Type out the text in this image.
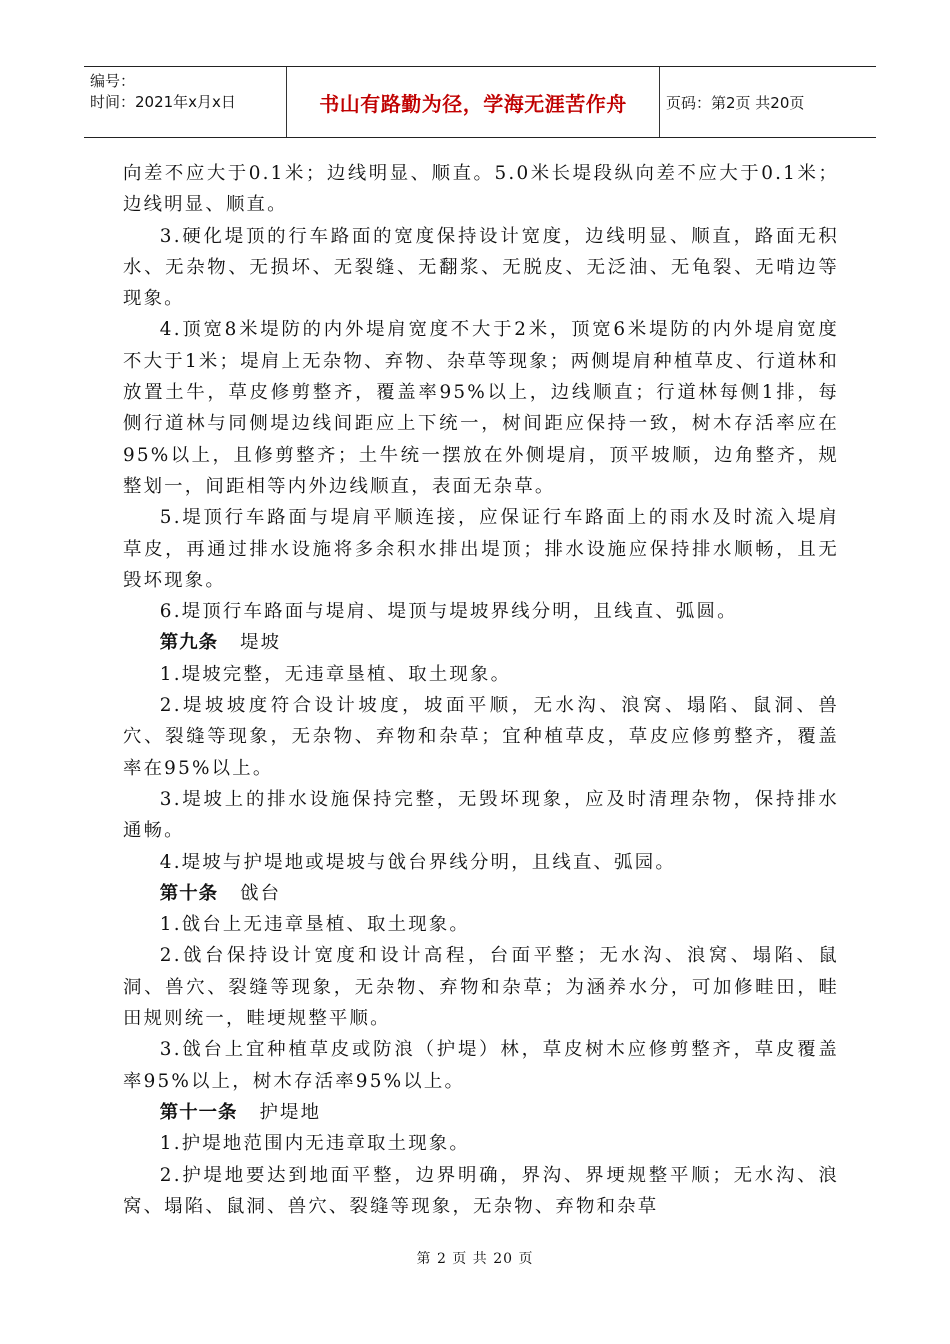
编号：
时间：2021年x月x日	书山有路勤为径，学海无涯苦作舟	页码：第2页 共20页

向差不应大于0.1米；边线明显、顺直。5.0米长堤段纵向差不应大于0.1米；边线明显、顺直。

3.硬化堤顶的行车路面的宽度保持设计宽度，边线明显、顺直，路面无积水、无杂物、无损坏、无裂缝、无翻浆、无脱皮、无泛油、无龟裂、无啃边等现象。

4.顶宽8米堤防的内外堤肩宽度不大于2米，顶宽6米堤防的内外堤肩宽度不大于1米；堤肩上无杂物、弃物、杂草等现象；两侧堤肩种植草皮、行道林和放置土牛，草皮修剪整齐，覆盖率95%以上，边线顺直；行道林每侧1排，每侧行道林与同侧堤边线间距应上下统一，树间距应保持一致，树木存活率应在95%以上，且修剪整齐；土牛统一摆放在外侧堤肩，顶平坡顺，边角整齐，规整划一，间距相等内外边线顺直，表面无杂草。

5.堤顶行车路面与堤肩平顺连接，应保证行车路面上的雨水及时流入堤肩草皮，再通过排水设施将多余积水排出堤顶；排水设施应保持排水顺畅，且无毁坏现象。

6.堤顶行车路面与堤肩、堤顶与堤坡界线分明，且线直、弧圆。

第九条 堤坡

1.堤坡完整，无违章垦植、取土现象。

2.堤坡坡度符合设计坡度，坡面平顺，无水沟、浪窝、塌陷、鼠洞、兽穴、裂缝等现象，无杂物、弃物和杂草；宜种植草皮，草皮应修剪整齐，覆盖率在95%以上。

3.堤坡上的排水设施保持完整，无毁坏现象，应及时清理杂物，保持排水通畅。

4.堤坡与护堤地或堤坡与戗台界线分明，且线直、弧园。

第十条 戗台

1.戗台上无违章垦植、取土现象。

2.戗台保持设计宽度和设计高程，台面平整；无水沟、浪窝、塌陷、鼠洞、兽穴、裂缝等现象，无杂物、弃物和杂草；为涵养水分，可加修畦田，畦田规则统一，畦埂规整平顺。

3.戗台上宜种植草皮或防浪（护堤）林，草皮树木应修剪整齐，草皮覆盖率95%以上，树木存活率95%以上。

第十一条 护堤地

1.护堤地范围内无违章取土现象。

2.护堤地要达到地面平整，边界明确，界沟、界埂规整平顺；无水沟、浪窝、塌陷、鼠洞、兽穴、裂缝等现象，无杂物、弃物和杂草

第 2 页 共 20 页
